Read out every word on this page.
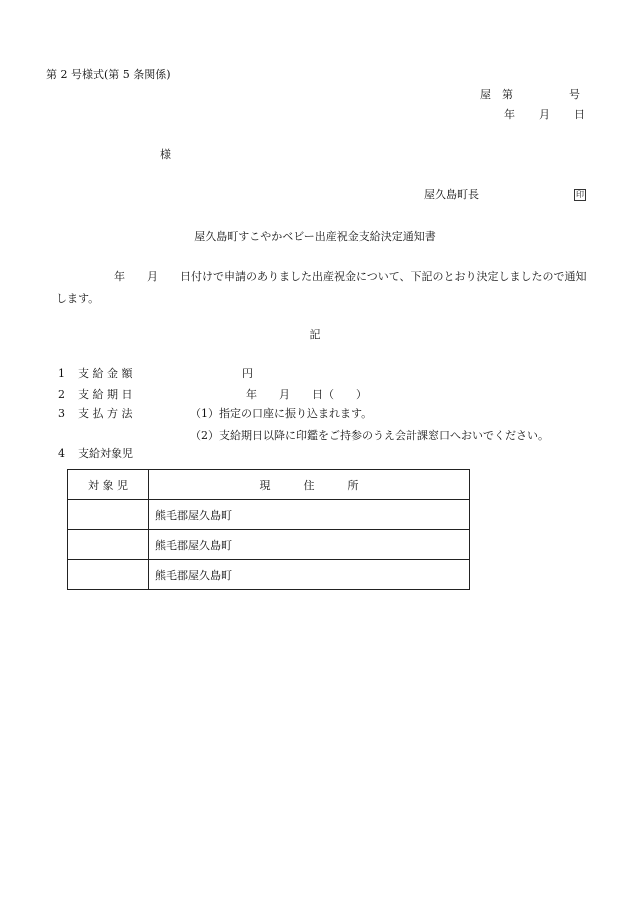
第 2 号様式(第 5 条関係)
屋　第	号
年 月 日
様
屋久島町長	印
屋久島町すこやかベビー出産祝金支給決定通知書
年 月 日付けで申請のありました出産祝金について、下記のとおり決定しましたので通知します。
記
1 支 給 金 額	円
2 支 給 期 日	年　　月　　日（　　）
3 支 払 方 法	（1）指定の口座に振り込まれます。
（2）支給期日以降に印鑑をご持参のうえ会計課窓口へおいでください。
4 支給対象児
対 象 児	現　　　住　　　所
	熊毛郡屋久島町
	熊毛郡屋久島町
	熊毛郡屋久島町
